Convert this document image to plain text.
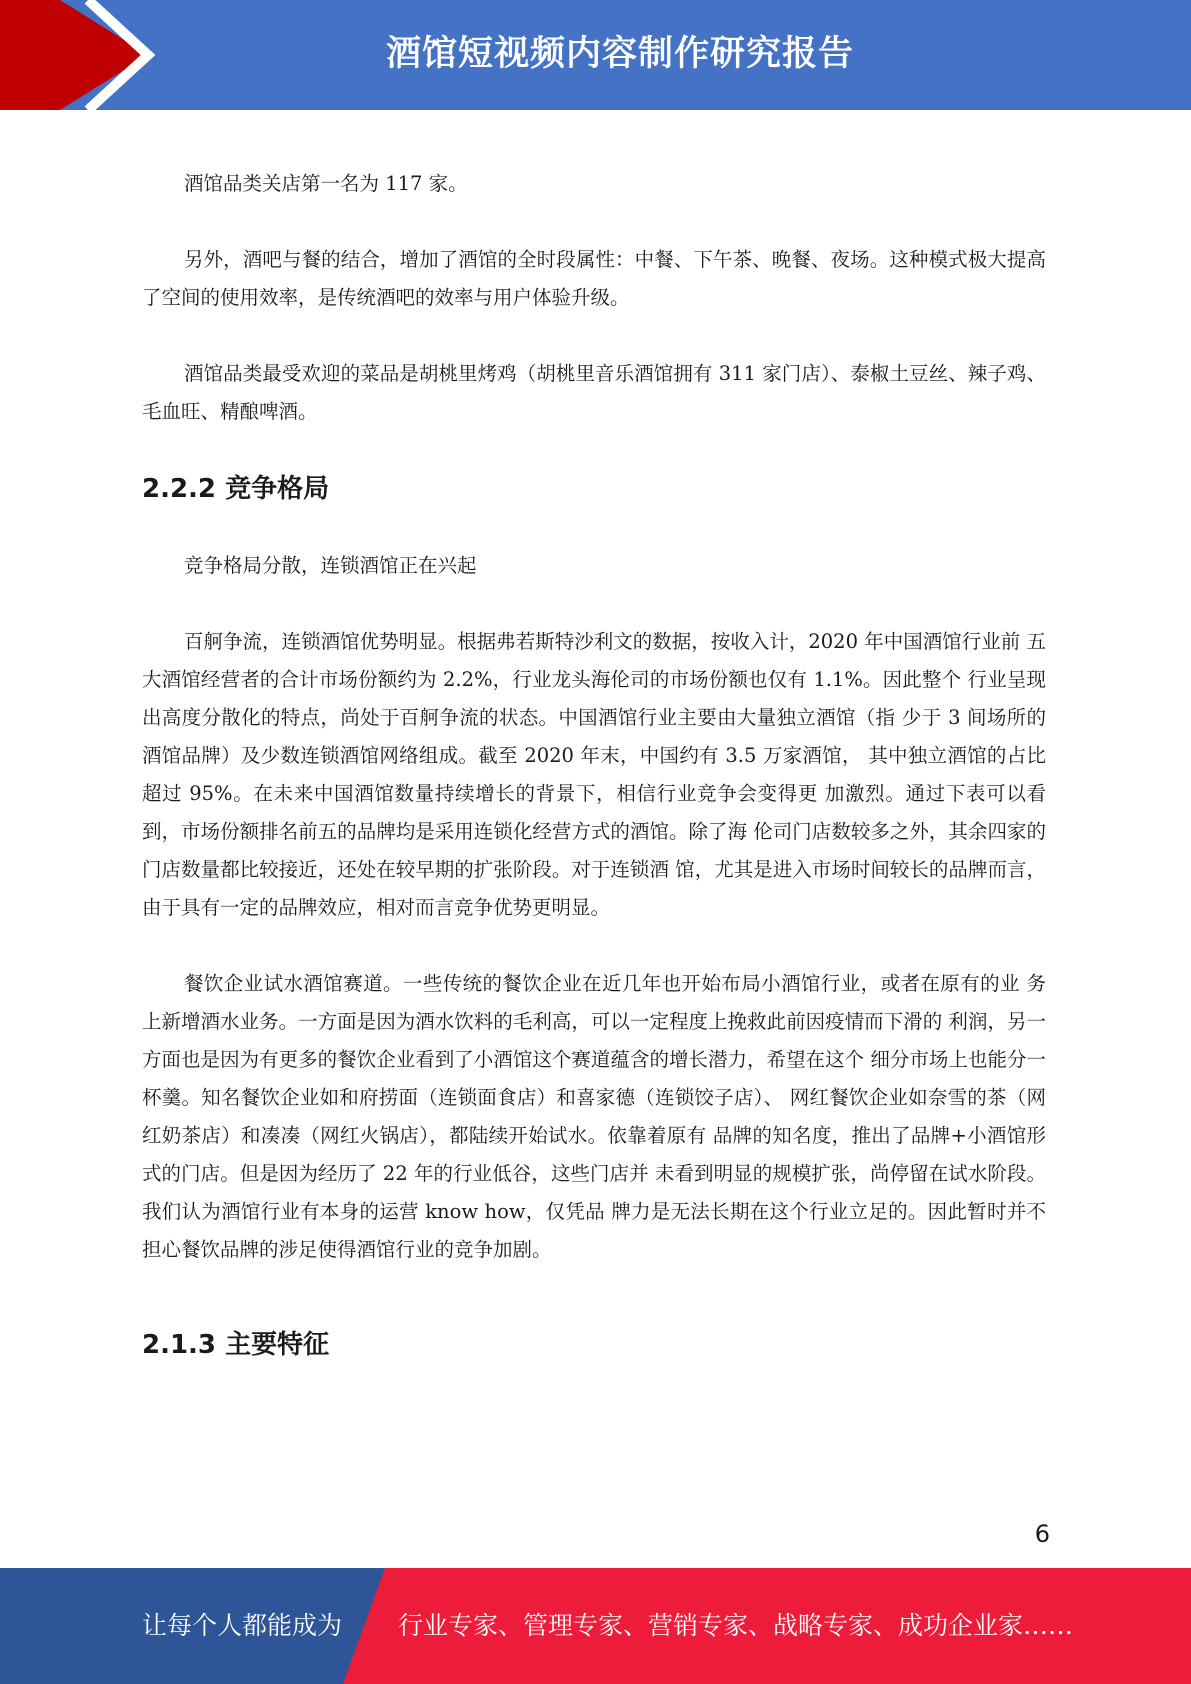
酒馆短视频内容制作研究报告

酒馆品类关店第一名为 117 家。

另外，酒吧与餐的结合，增加了酒馆的全时段属性：中餐、下午茶、晚餐、夜场。这种模式极大提高了空间的使用效率，是传统酒吧的效率与用户体验升级。

酒馆品类最受欢迎的菜品是胡桃里烤鸡（胡桃里音乐酒馆拥有 311 家门店）、泰椒土豆丝、辣子鸡、毛血旺、精酿啤酒。

2.2.2 竞争格局

竞争格局分散，连锁酒馆正在兴起

百舸争流，连锁酒馆优势明显。根据弗若斯特沙利文的数据，按收入计，2020 年中国酒馆行业前 五大酒馆经营者的合计市场份额约为 2.2%，行业龙头海伦司的市场份额也仅有 1.1%。因此整个 行业呈现出高度分散化的特点，尚处于百舸争流的状态。中国酒馆行业主要由大量独立酒馆（指 少于 3 间场所的酒馆品牌）及少数连锁酒馆网络组成。截至 2020 年末，中国约有 3.5 万家酒馆， 其中独立酒馆的占比超过 95%。在未来中国酒馆数量持续增长的背景下，相信行业竞争会变得更 加激烈。通过下表可以看到，市场份额排名前五的品牌均是采用连锁化经营方式的酒馆。除了海 伦司门店数较多之外，其余四家的门店数量都比较接近，还处在较早期的扩张阶段。对于连锁酒 馆，尤其是进入市场时间较长的品牌而言，由于具有一定的品牌效应，相对而言竞争优势更明显。

餐饮企业试水酒馆赛道。一些传统的餐饮企业在近几年也开始布局小酒馆行业，或者在原有的业 务上新增酒水业务。一方面是因为酒水饮料的毛利高，可以一定程度上挽救此前因疫情而下滑的 利润，另一方面也是因为有更多的餐饮企业看到了小酒馆这个赛道蕴含的增长潜力，希望在这个 细分市场上也能分一杯羹。知名餐饮企业如和府捞面（连锁面食店）和喜家德（连锁饺子店）、 网红餐饮企业如奈雪的茶（网红奶茶店）和凑凑（网红火锅店），都陆续开始试水。依靠着原有 品牌的知名度，推出了品牌+小酒馆形式的门店。但是因为经历了 22 年的行业低谷，这些门店并 未看到明显的规模扩张，尚停留在试水阶段。我们认为酒馆行业有本身的运营 know how，仅凭品 牌力是无法长期在这个行业立足的。因此暂时并不担心餐饮品牌的涉足使得酒馆行业的竞争加剧。

2.1.3 主要特征
6
让每个人都能成为 行业专家、管理专家、营销专家、战略专家、成功企业家……
